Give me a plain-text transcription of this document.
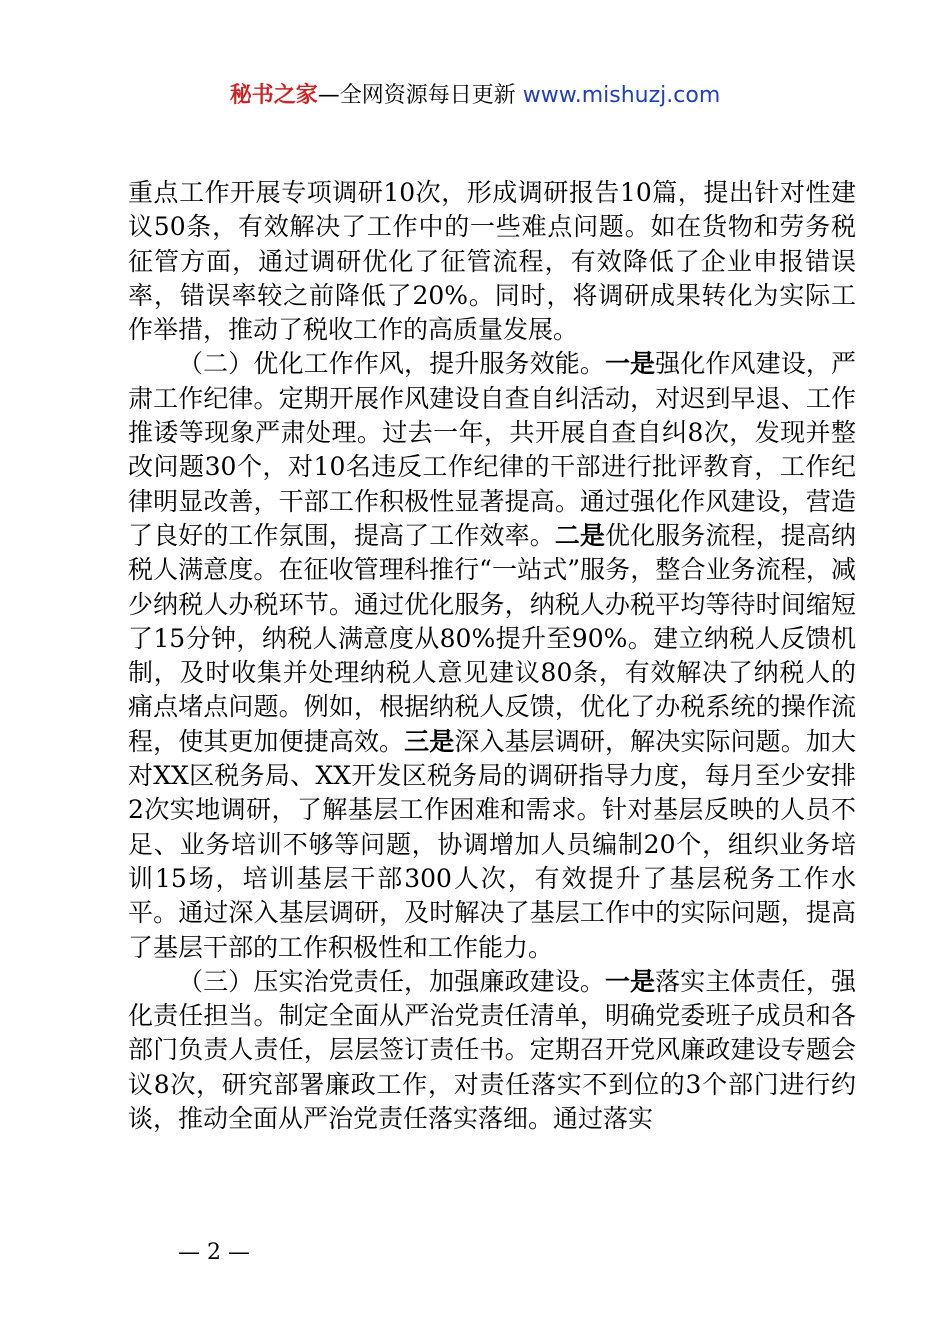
秘书之家—全网资源每日更新 www.mishuzj.com

重点工作开展专项调研10次，形成调研报告10篇，提出针对性建议50条，有效解决了工作中的一些难点问题。如在货物和劳务税征管方面，通过调研优化了征管流程，有效降低了企业申报错误率，错误率较之前降低了20%。同时，将调研成果转化为实际工作举措，推动了税收工作的高质量发展。

（二）优化工作作风，提升服务效能。一是强化作风建设，严肃工作纪律。定期开展作风建设自查自纠活动，对迟到早退、工作推诿等现象严肃处理。过去一年，共开展自查自纠8次，发现并整改问题30个，对10名违反工作纪律的干部进行批评教育，工作纪律明显改善，干部工作积极性显著提高。通过强化作风建设，营造了良好的工作氛围，提高了工作效率。二是优化服务流程，提高纳税人满意度。在征收管理科推行“一站式”服务，整合业务流程，减少纳税人办税环节。通过优化服务，纳税人办税平均等待时间缩短了15分钟，纳税人满意度从80%提升至90%。建立纳税人反馈机制，及时收集并处理纳税人意见建议80条，有效解决了纳税人的痛点堵点问题。例如，根据纳税人反馈，优化了办税系统的操作流程，使其更加便捷高效。三是深入基层调研，解决实际问题。加大对XX区税务局、XX开发区税务局的调研指导力度，每月至少安排2次实地调研，了解基层工作困难和需求。针对基层反映的人员不足、业务培训不够等问题，协调增加人员编制20个，组织业务培训15场，培训基层干部300人次，有效提升了基层税务工作水平。通过深入基层调研，及时解决了基层工作中的实际问题，提高了基层干部的工作积极性和工作能力。

（三）压实治党责任，加强廉政建设。一是落实主体责任，强化责任担当。制定全面从严治党责任清单，明确党委班子成员和各部门负责人责任，层层签订责任书。定期召开党风廉政建设专题会议8次，研究部署廉政工作，对责任落实不到位的3个部门进行约谈，推动全面从严治党责任落实落细。通过落实

— 2 —
